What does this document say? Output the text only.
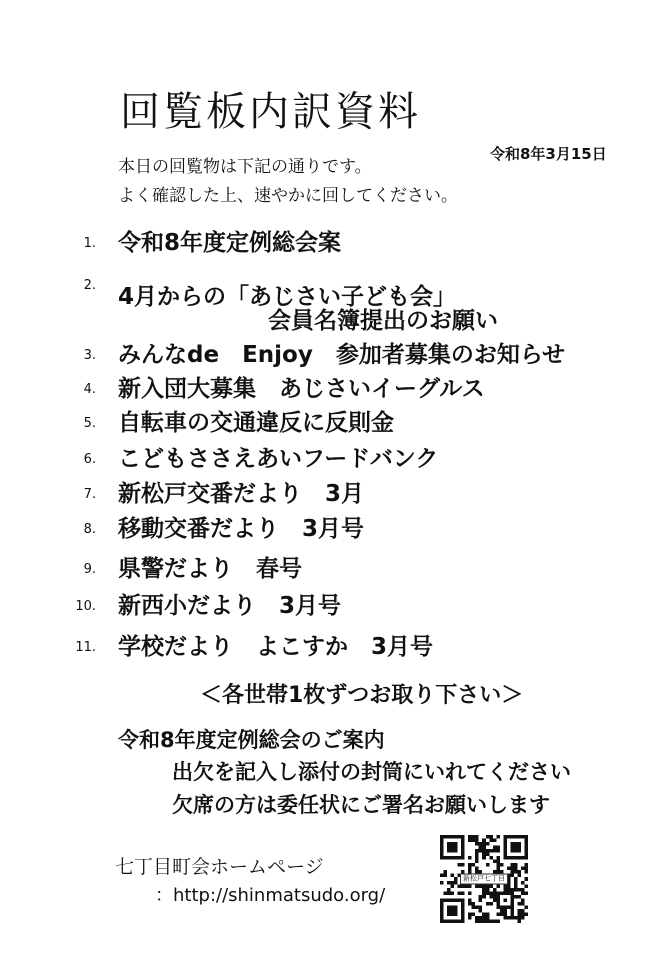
回覧板内訳資料
令和8年3月15日
本日の回覧物は下記の通りです。
よく確認した上、速やかに回してください。
1. 令和8年度定例総会案
2. 4月からの「あじさい子ども会」
会員名簿提出のお願い
3. みんなde　Enjoy　参加者募集のお知らせ
4. 新入団大募集　あじさいイーグルス
5. 自転車の交通違反に反則金
6. こどもささえあいフードバンク
7. 新松戸交番だより　3月
8. 移動交番だより　3月号
9. 県警だより　春号
10. 新西小だより　3月号
11. 学校だより　よこすか　3月号
＜各世帯1枚ずつお取り下さい＞
令和8年度定例総会のご案内
出欠を記入し添付の封筒にいれてください
欠席の方は委任状にご署名お願いします
七丁目町会ホームページ
：http://shinmatsudo.org/
新松戸七丁目
